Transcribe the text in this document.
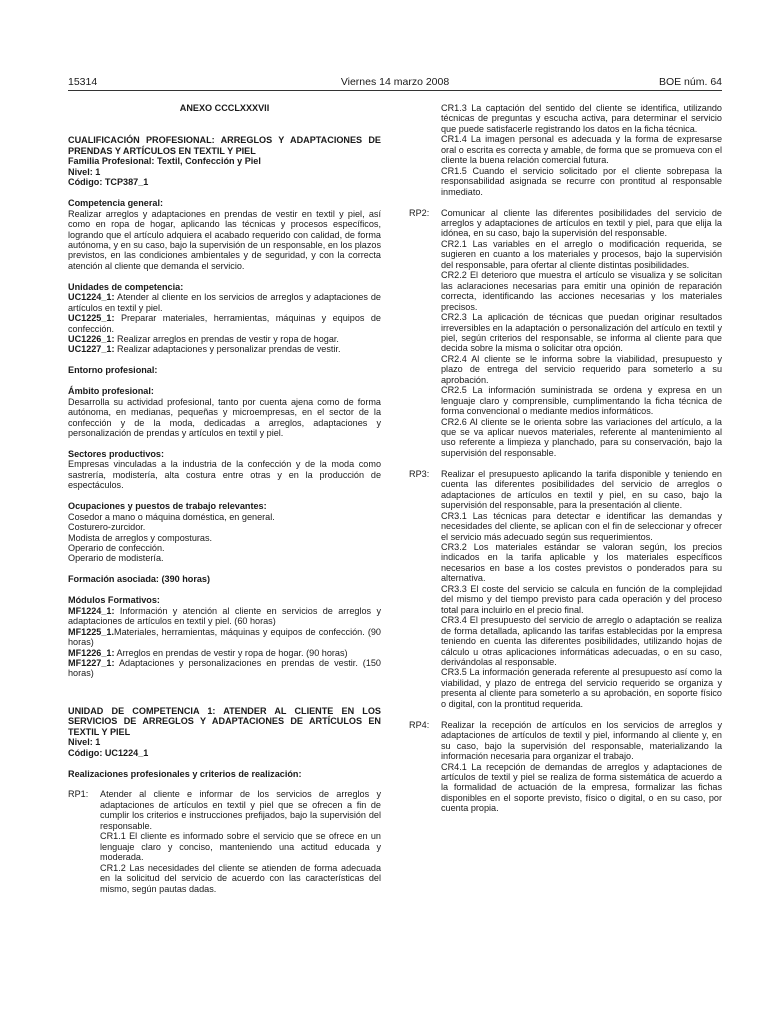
15314	Viernes 14 marzo 2008	BOE núm. 64
ANEXO CCCLXXXVII
CUALIFICACIÓN PROFESIONAL: ARREGLOS Y ADAPTACIONES DE PRENDAS Y ARTÍCULOS EN TEXTIL Y PIEL
Familia Profesional: Textil, Confección y Piel
Nivel: 1
Código: TCP387_1
Competencia general:
Realizar arreglos y adaptaciones en prendas de vestir en textil y piel, así como en ropa de hogar, aplicando las técnicas y procesos específicos, logrando que el artículo adquiera el acabado requerido con calidad, de forma autónoma, y en su caso, bajo la supervisión de un responsable, en los plazos previstos, en las condiciones ambientales y de seguridad, y con la correcta atención al cliente que demanda el servicio.
Unidades de competencia:
UC1224_1: Atender al cliente en los servicios de arreglos y adaptaciones de artículos en textil y piel.
UC1225_1: Preparar materiales, herramientas, máquinas y equipos de confección.
UC1226_1: Realizar arreglos en prendas de vestir y ropa de hogar.
UC1227_1: Realizar adaptaciones y personalizar prendas de vestir.
Entorno profesional:
Ámbito profesional:
Desarrolla su actividad profesional, tanto por cuenta ajena como de forma autónoma, en medianas, pequeñas y microempresas, en el sector de la confección y de la moda, dedicadas a arreglos, adaptaciones y personalización de prendas y artículos en textil y piel.
Sectores productivos:
Empresas vinculadas a la industria de la confección y de la moda como sastrería, modistería, alta costura entre otras y en la producción de espectáculos.
Ocupaciones y puestos de trabajo relevantes:
Cosedor a mano o máquina doméstica, en general.
Costurero-zurcidor.
Modista de arreglos y composturas.
Operario de confección.
Operario de modistería.
Formación asociada: (390 horas)
Módulos Formativos:
MF1224_1: Información y atención al cliente en servicios de arreglos y adaptaciones de artículos en textil y piel. (60 horas)
MF1225_1.Materiales, herramientas, máquinas y equipos de confección. (90 horas)
MF1226_1: Arreglos en prendas de vestir y ropa de hogar. (90 horas)
MF1227_1: Adaptaciones y personalizaciones en prendas de vestir. (150 horas)
UNIDAD DE COMPETENCIA 1: ATENDER AL CLIENTE EN LOS SERVICIOS DE ARREGLOS Y ADAPTACIONES DE ARTÍCULOS EN TEXTIL Y PIEL
Nivel: 1
Código: UC1224_1
Realizaciones profesionales y criterios de realización:
RP1:	Atender al cliente e informar de los servicios de arreglos y adaptaciones de artículos en textil y piel que se ofrecen a fin de cumplir los criterios e instrucciones prefijados, bajo la supervisión del responsable.
CR1.1 El cliente es informado sobre el servicio que se ofrece en un lenguaje claro y conciso, manteniendo una actitud educada y moderada.
CR1.2 Las necesidades del cliente se atienden de forma adecuada en la solicitud del servicio de acuerdo con las características del mismo, según pautas dadas.
CR1.3 La captación del sentido del cliente se identifica, utilizando técnicas de preguntas y escucha activa, para determinar el servicio que puede satisfacerle registrando los datos en la ficha técnica.
CR1.4 La imagen personal es adecuada y la forma de expresarse oral o escrita es correcta y amable, de forma que se promueva con el cliente la buena relación comercial futura.
CR1.5 Cuando el servicio solicitado por el cliente sobrepasa la responsabilidad asignada se recurre con prontitud al responsable inmediato.
RP2:	Comunicar al cliente las diferentes posibilidades del servicio de arreglos y adaptaciones de artículos en textil y piel, para que elija la idónea, en su caso, bajo la supervisión del responsable.
CR2.1 Las variables en el arreglo o modificación requerida, se sugieren en cuanto a los materiales y procesos, bajo la supervisión del responsable, para ofertar al cliente distintas posibilidades.
CR2.2 El deterioro que muestra el artículo se visualiza y se solicitan las aclaraciones necesarias para emitir una opinión de reparación correcta, identificando las acciones necesarias y los materiales precisos.
CR2.3 La aplicación de técnicas que puedan originar resultados irreversibles en la adaptación o personalización del artículo en textil y piel, según criterios del responsable, se informa al cliente para que decida sobre la misma o solicitar otra opción.
CR2.4 Al cliente se le informa sobre la viabilidad, presupuesto y plazo de entrega del servicio requerido para someterlo a su aprobación.
CR2.5 La información suministrada se ordena y expresa en un lenguaje claro y comprensible, cumplimentando la ficha técnica de forma convencional o mediante medios informáticos.
CR2.6 Al cliente se le orienta sobre las variaciones del artículo, a la que se va aplicar nuevos materiales, referente al mantenimiento al uso referente a limpieza y planchado, para su conservación, bajo la supervisión del responsable.
RP3:	Realizar el presupuesto aplicando la tarifa disponible y teniendo en cuenta las diferentes posibilidades del servicio de arreglos o adaptaciones de artículos en textil y piel, en su caso, bajo la supervisión del responsable, para la presentación al cliente.
CR3.1 Las técnicas para detectar e identificar las demandas y necesidades del cliente, se aplican con el fin de seleccionar y ofrecer el servicio más adecuado según sus requerimientos.
CR3.2 Los materiales estándar se valoran según, los precios indicados en la tarifa aplicable y los materiales específicos necesarios en base a los costes previstos o ponderados para su alternativa.
CR3.3 El coste del servicio se calcula en función de la complejidad del mismo y del tiempo previsto para cada operación y del proceso total para incluirlo en el precio final.
CR3.4 El presupuesto del servicio de arreglo o adaptación se realiza de forma detallada, aplicando las tarifas establecidas por la empresa teniendo en cuenta las diferentes posibilidades, utilizando hojas de cálculo u otras aplicaciones informáticas adecuadas, o en su caso, derivándolas al responsable.
CR3.5 La información generada referente al presupuesto así como la viabilidad, y plazo de entrega del servicio requerido se organiza y presenta al cliente para someterlo a su aprobación, en soporte físico o digital, con la prontitud requerida.
RP4:	Realizar la recepción de artículos en los servicios de arreglos y adaptaciones de artículos de textil y piel, informando al cliente y, en su caso, bajo la supervisión del responsable, materializando la información necesaria para organizar el trabajo.
CR4.1 La recepción de demandas de arreglos y adaptaciones de artículos de textil y piel se realiza de forma sistemática de acuerdo a la formalidad de actuación de la empresa, formalizar las fichas disponibles en el soporte previsto, físico o digital, o en su caso, por cuenta propia.
